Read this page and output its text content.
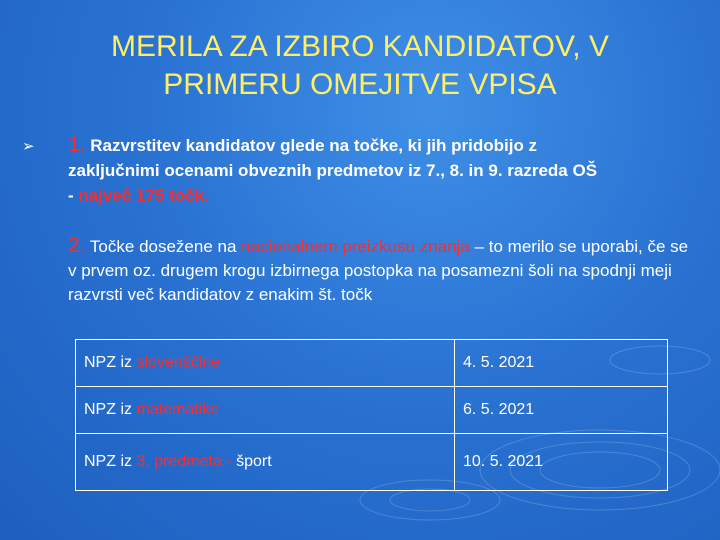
MERILA ZA IZBIRO KANDIDATOV, V
PRIMERU OMEJITVE VPISA
➢ 1. Razvrstitev kandidatov glede na točke, ki jih pridobijo z
zaključnimi ocenami obveznih predmetov iz 7., 8. in 9. razreda OŠ
- največ 175 točk.
2. Točke dosežene na nacionalnem preizkusu znanja – to merilo se uporabi, če se v prvem oz. drugem krogu izbirnega postopka na posamezni šoli na spodnji meji razvrsti več kandidatov z enakim št. točk
NPZ iz slovenščine	4. 5. 2021
NPZ iz matematike	6. 5. 2021
NPZ iz 3. predmeta - šport	10. 5. 2021
